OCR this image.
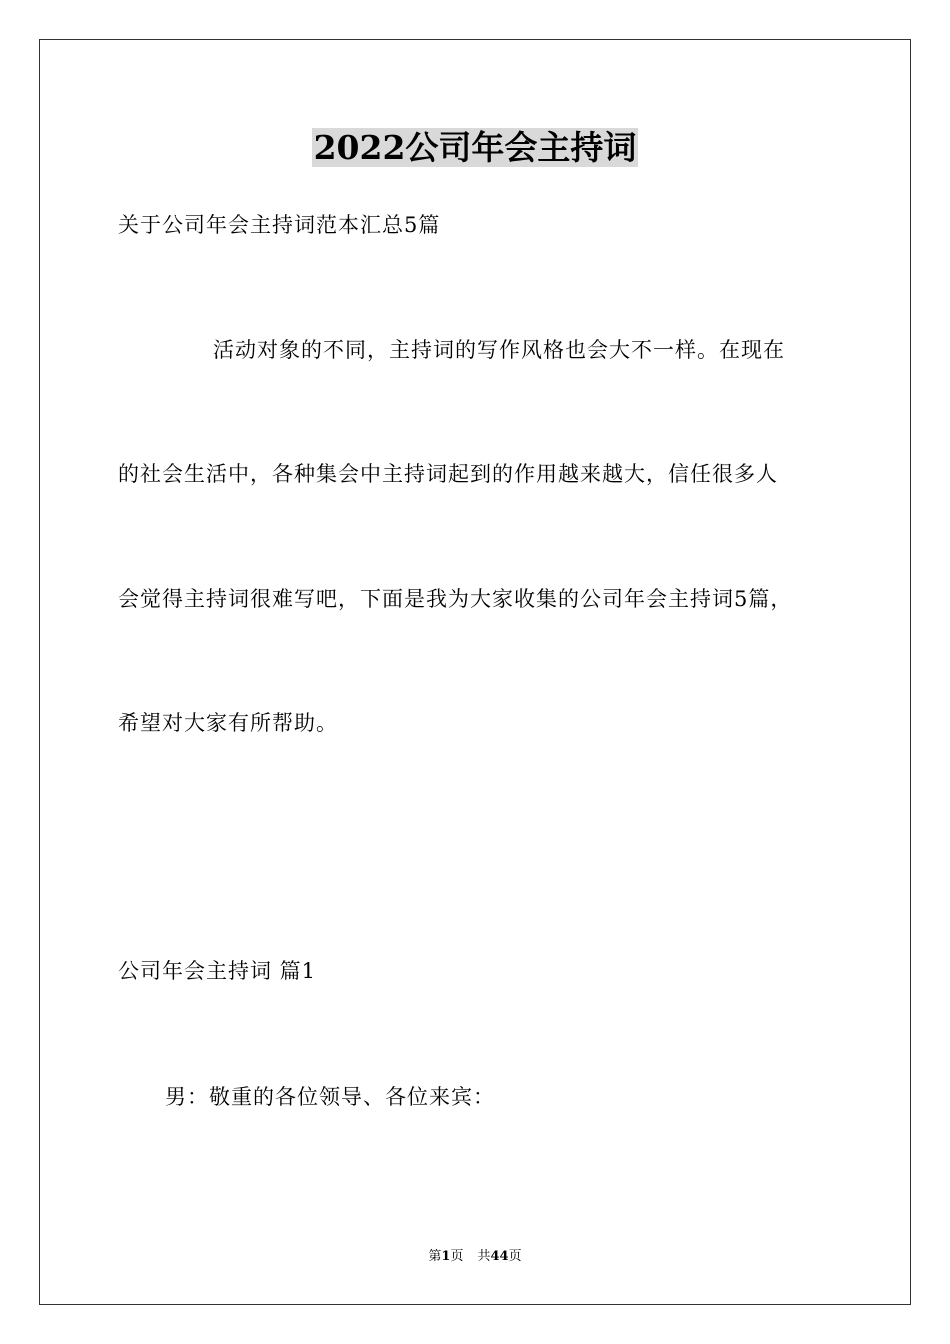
2022公司年会主持词
关于公司年会主持词范本汇总5篇
活动对象的不同，主持词的写作风格也会大不一样。在现在
的社会生活中，各种集会中主持词起到的作用越来越大，信任很多人
会觉得主持词很难写吧，下面是我为大家收集的公司年会主持词5篇，
希望对大家有所帮助。
公司年会主持词 篇1
男：敬重的各位领导、各位来宾：
第1页 共44页
